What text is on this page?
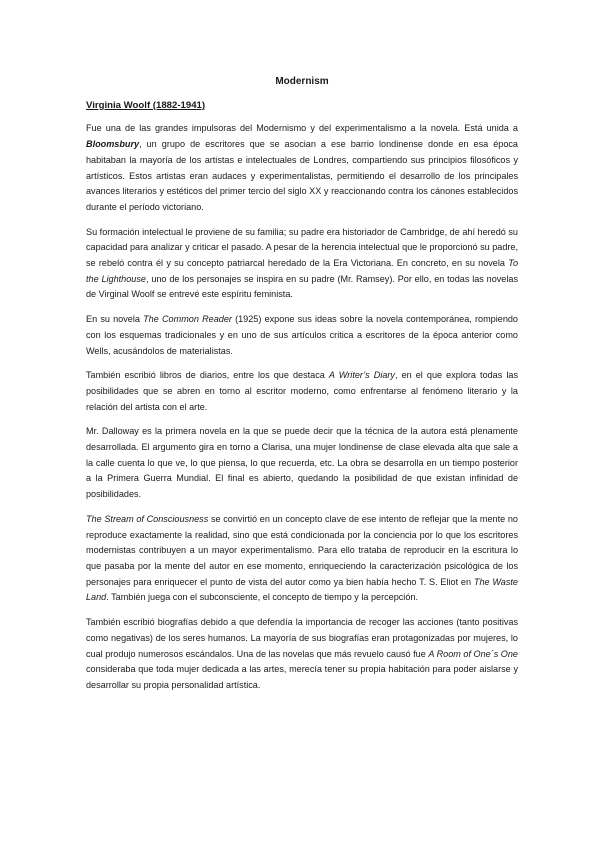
Modernism
Virginia Woolf (1882-1941)

Fue una de las grandes impulsoras del Modernismo y del experimentalismo a la novela. Está unida a Bloomsbury, un grupo de escritores que se asocian a ese barrio londinense donde en esa época habitaban la mayoría de los artistas e intelectuales de Londres, compartiendo sus principios filosóficos y artísticos. Estos artistas eran audaces y experimentalistas, permitiendo el desarrollo de los principales avances literarios y estéticos del primer tercio del siglo XX y reaccionando contra los cánones establecidos durante el período victoriano.

Su formación intelectual le proviene de su familia; su padre era historiador de Cambridge, de ahí heredó su capacidad para analizar y criticar el pasado. A pesar de la herencia intelectual que le proporcionó su padre, se rebeló contra él y su concepto patriarcal heredado de la Era Victoriana. En concreto, en su novela To the Lighthouse, uno de los personajes se inspira en su padre (Mr. Ramsey). Por ello, en todas las novelas de Virginal Woolf se entrevé este espíritu feminista.

En su novela The Common Reader (1925) expone sus ideas sobre la novela contemporánea, rompiendo con los esquemas tradicionales y en uno de sus artículos critica a escritores de la época anterior como Wells, acusándolos de materialistas.

También escribió libros de diarios, entre los que destaca A Writer’s Diary, en el que explora todas las posibilidades que se abren en torno al escritor moderno, como enfrentarse al fenómeno literario y la relación del artista con el arte.

Mr. Dalloway es la primera novela en la que se puede decir que la técnica de la autora está plenamente desarrollada. El argumento gira en torno a Clarisa, una mujer londinense de clase elevada alta que sale a la calle cuenta lo que ve, lo que piensa, lo que recuerda, etc. La obra se desarrolla en un tiempo posterior a la Primera Guerra Mundial. El final es abierto, quedando la posibilidad de que existan infinidad de posibilidades.

The Stream of Consciousness se convirtió en un concepto clave de ese intento de reflejar que la mente no reproduce exactamente la realidad, sino que está condicionada por la conciencia por lo que los escritores modernistas contribuyen a un mayor experimentalismo. Para ello trataba de reproducir en la escritura lo que pasaba por la mente del autor en ese momento, enriqueciendo la caracterización psicológica de los personajes para enriquecer el punto de vista del autor como ya bien había hecho T. S. Eliot en The Waste Land. También juega con el subconsciente, el concepto de tiempo y la percepción.

También escribió biografías debido a que defendía la importancia de recoger las acciones (tanto positivas como negativas) de los seres humanos. La mayoría de sus biografías eran protagonizadas por mujeres, lo cual produjo numerosos escándalos. Una de las novelas que más revuelo causó fue A Room of One´s One consideraba que toda mujer dedicada a las artes, merecía tener su propia habitación para poder aislarse y desarrollar su propia personalidad artística.
